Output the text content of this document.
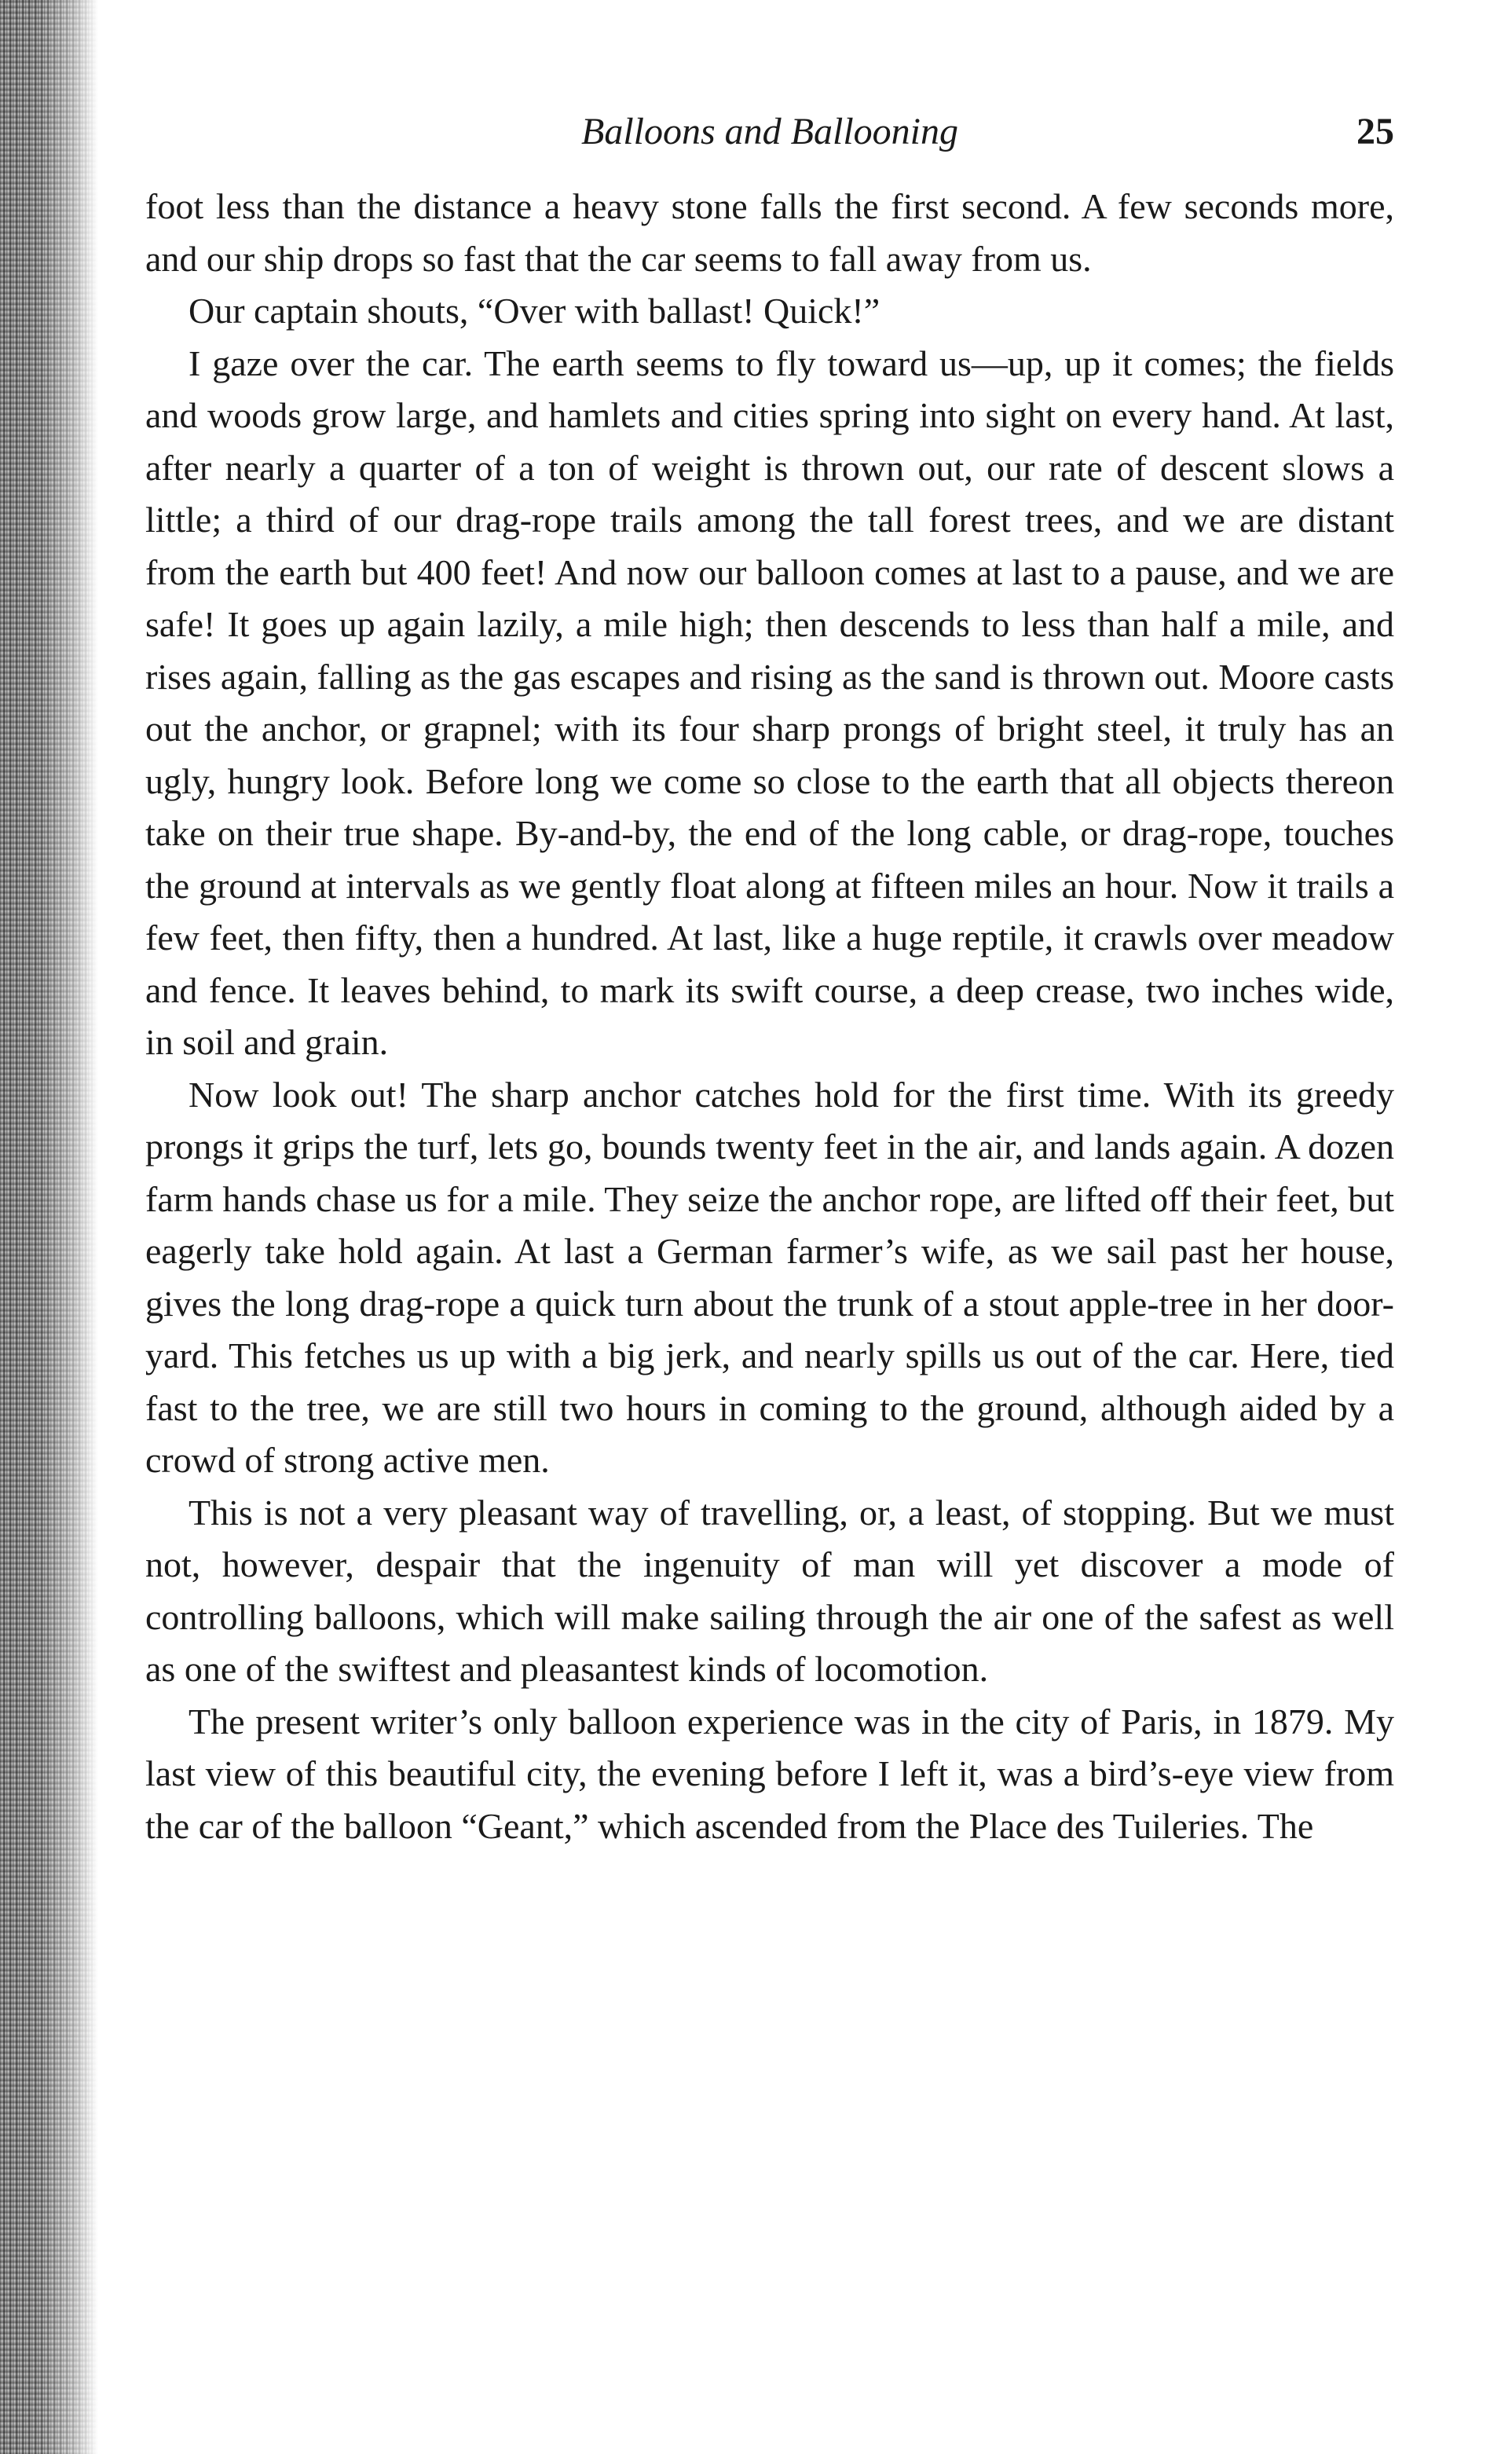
Balloons and Ballooning	25

foot less than the distance a heavy stone falls the first second. A few seconds more, and our ship drops so fast that the car seems to fall away from us.

Our captain shouts, “Over with ballast! Quick!”

I gaze over the car. The earth seems to fly toward us—up, up it comes; the fields and woods grow large, and hamlets and cities spring into sight on every hand. At last, after nearly a quarter of a ton of weight is thrown out, our rate of descent slows a little; a third of our drag-rope trails among the tall forest trees, and we are distant from the earth but 400 feet! And now our balloon comes at last to a pause, and we are safe! It goes up again lazily, a mile high; then descends to less than half a mile, and rises again, falling as the gas escapes and rising as the sand is thrown out. Moore casts out the anchor, or grapnel; with its four sharp prongs of bright steel, it truly has an ugly, hungry look. Before long we come so close to the earth that all objects thereon take on their true shape. By-and-by, the end of the long cable, or drag-rope, touches the ground at intervals as we gently float along at fifteen miles an hour. Now it trails a few feet, then fifty, then a hundred. At last, like a huge reptile, it crawls over meadow and fence. It leaves behind, to mark its swift course, a deep crease, two inches wide, in soil and grain.

Now look out! The sharp anchor catches hold for the first time. With its greedy prongs it grips the turf, lets go, bounds twenty feet in the air, and lands again. A dozen farm hands chase us for a mile. They seize the anchor rope, are lifted off their feet, but eagerly take hold again. At last a German farmer’s wife, as we sail past her house, gives the long drag-rope a quick turn about the trunk of a stout apple-tree in her door-yard. This fetches us up with a big jerk, and nearly spills us out of the car. Here, tied fast to the tree, we are still two hours in coming to the ground, although aided by a crowd of strong active men.

This is not a very pleasant way of travelling, or, a least, of stopping. But we must not, however, despair that the ingenuity of man will yet discover a mode of controlling balloons, which will make sailing through the air one of the safest as well as one of the swiftest and pleasantest kinds of locomotion.

The present writer’s only balloon experience was in the city of Paris, in 1879. My last view of this beautiful city, the evening before I left it, was a bird’s-eye view from the car of the balloon “Geant,” which ascended from the Place des Tuileries. The
